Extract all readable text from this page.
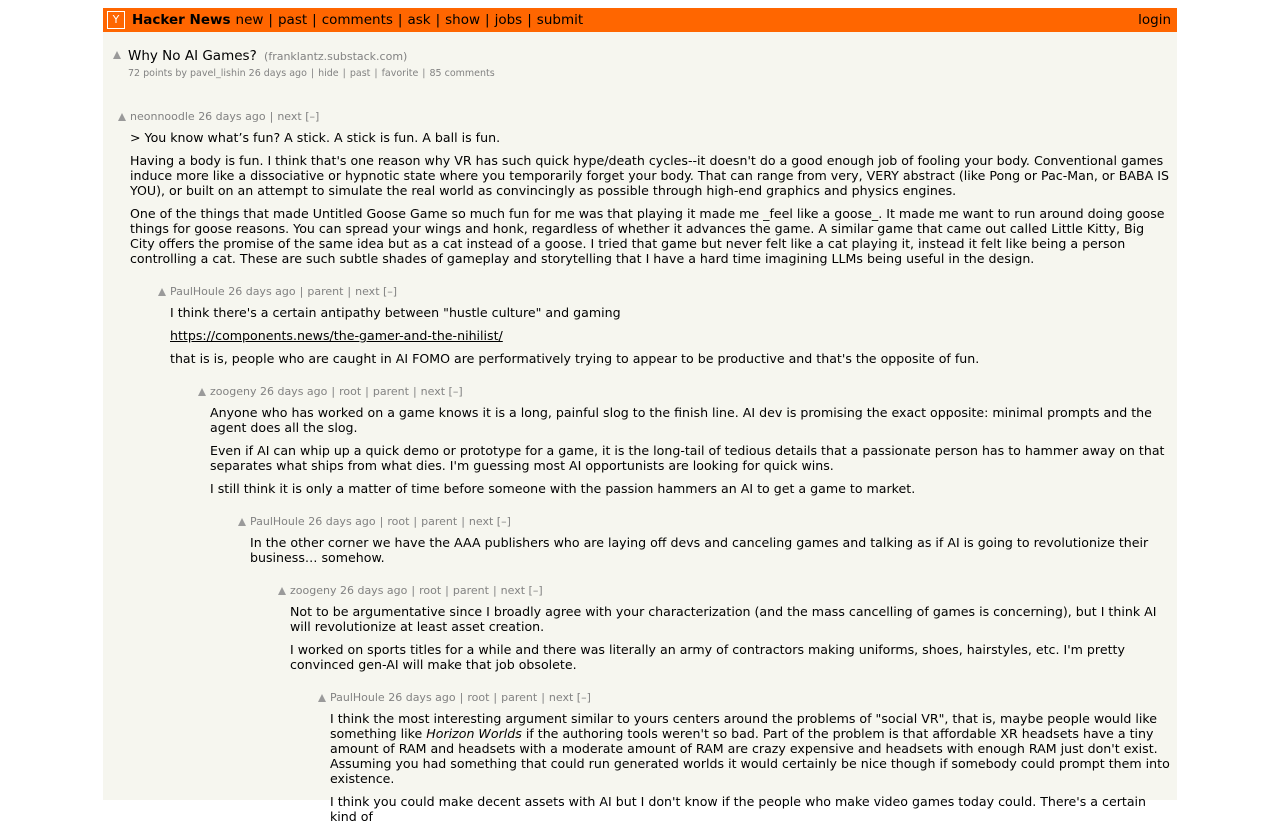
Y Hacker News new | past | comments | ask | show | jobs | submit	login
Why No AI Games? (franklantz.substack.com)
72 points by pavel_lishin 26 days ago | hide | past | favorite | 85 comments
neonnoodle 26 days ago | next [–]

> You know what’s fun? A stick. A stick is fun. A ball is fun.

Having a body is fun. I think that's one reason why VR has such quick hype/death cycles--it doesn't do a good enough job of fooling your body. Conventional games induce more like a dissociative or hypnotic state where you temporarily forget your body. That can range from very, VERY abstract (like Pong or Pac-Man, or BABA IS YOU), or built on an attempt to simulate the real world as convincingly as possible through high-end graphics and physics engines.

One of the things that made Untitled Goose Game so much fun for me was that playing it made me _feel like a goose_. It made me want to run around doing goose things for goose reasons. You can spread your wings and honk, regardless of whether it advances the game. A similar game that came out called Little Kitty, Big City offers the promise of the same idea but as a cat instead of a goose. I tried that game but never felt like a cat playing it, instead it felt like being a person controlling a cat. These are such subtle shades of gameplay and storytelling that I have a hard time imagining LLMs being useful in the design.

PaulHoule 26 days ago | parent | next [–]

I think there's a certain antipathy between "hustle culture" and gaming

https://components.news/the-gamer-and-the-nihilist/

that is is, people who are caught in AI FOMO are performatively trying to appear to be productive and that's the opposite of fun.

zoogeny 26 days ago | root | parent | next [–]

Anyone who has worked on a game knows it is a long, painful slog to the finish line. AI dev is promising the exact opposite: minimal prompts and the agent does all the slog.

Even if AI can whip up a quick demo or prototype for a game, it is the long-tail of tedious details that a passionate person has to hammer away on that separates what ships from what dies. I'm guessing most AI opportunists are looking for quick wins.

I still think it is only a matter of time before someone with the passion hammers an AI to get a game to market.

PaulHoule 26 days ago | root | parent | next [–]

In the other corner we have the AAA publishers who are laying off devs and canceling games and talking as if AI is going to revolutionize their business… somehow.

zoogeny 26 days ago | root | parent | next [–]

Not to be argumentative since I broadly agree with your characterization (and the mass cancelling of games is concerning), but I think AI will revolutionize at least asset creation.

I worked on sports titles for a while and there was literally an army of contractors making uniforms, shoes, hairstyles, etc. I'm pretty convinced gen-AI will make that job obsolete.

PaulHoule 26 days ago | root | parent | next [–]

I think the most interesting argument similar to yours centers around the problems of "social VR", that is, maybe people would like something like Horizon Worlds if the authoring tools weren't so bad. Part of the problem is that affordable XR headsets have a tiny amount of RAM and headsets with a moderate amount of RAM are crazy expensive and headsets with enough RAM just don't exist. Assuming you had something that could run generated worlds it would certainly be nice though if somebody could prompt them into existence.

I think you could make decent assets with AI but I don't know if the people who make video games today could. There's a certain kind of
